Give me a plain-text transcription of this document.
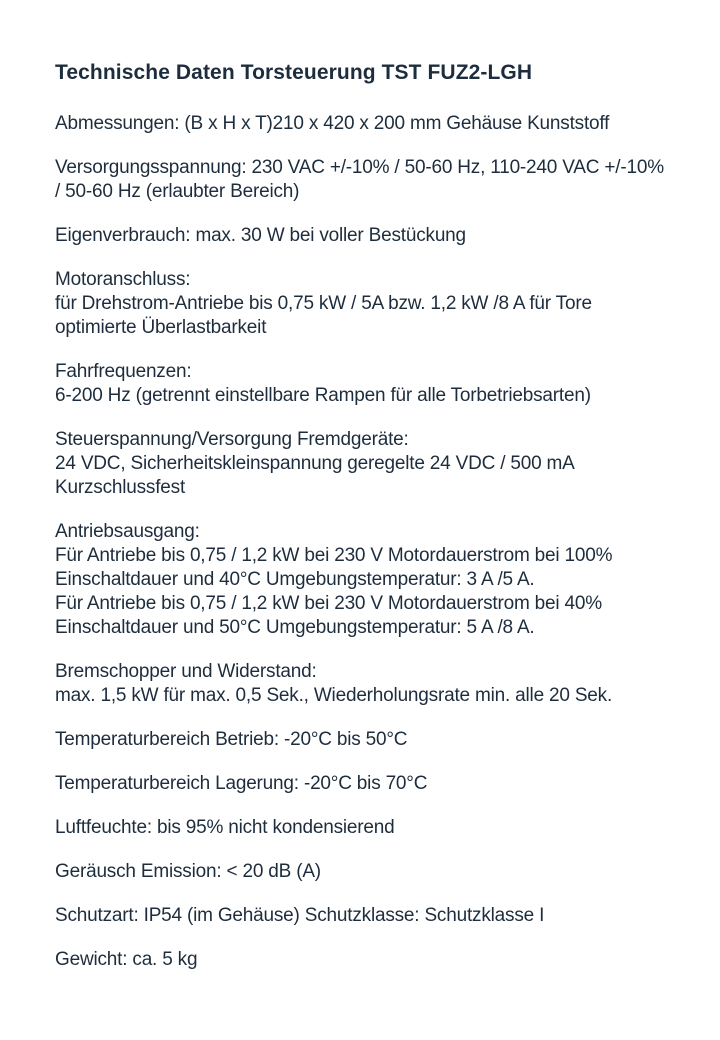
Technische Daten Torsteuerung TST FUZ2-LGH
Abmessungen: (B x H x T)210 x 420 x 200 mm Gehäuse Kunststoff
Versorgungsspannung: 230 VAC +/-10% / 50-60 Hz, 110-240 VAC +/-10%
/ 50-60 Hz (erlaubter Bereich)
Eigenverbrauch: max. 30 W bei voller Bestückung
Motoranschluss:
für Drehstrom-Antriebe bis 0,75 kW / 5A bzw. 1,2 kW /8 A für Tore
optimierte Überlastbarkeit
Fahrfrequenzen:
6-200 Hz (getrennt einstellbare Rampen für alle Torbetriebsarten)
Steuerspannung/Versorgung Fremdgeräte:
24 VDC, Sicherheitskleinspannung geregelte 24 VDC / 500 mA
Kurzschlussfest
Antriebsausgang:
Für Antriebe bis 0,75 / 1,2 kW bei 230 V Motordauerstrom bei 100%
Einschaltdauer und 40°C Umgebungstemperatur: 3 A /5 A.
Für Antriebe bis 0,75 / 1,2 kW bei 230 V Motordauerstrom bei 40%
Einschaltdauer und 50°C Umgebungstemperatur: 5 A /8 A.
Bremschopper und Widerstand:
max. 1,5 kW für max. 0,5 Sek., Wiederholungsrate min. alle 20 Sek.
Temperaturbereich Betrieb: -20°C bis 50°C
Temperaturbereich Lagerung: -20°C bis 70°C
Luftfeuchte: bis 95% nicht kondensierend
Geräusch Emission: < 20 dB (A)
Schutzart: IP54 (im Gehäuse) Schutzklasse: Schutzklasse I
Gewicht: ca. 5 kg
